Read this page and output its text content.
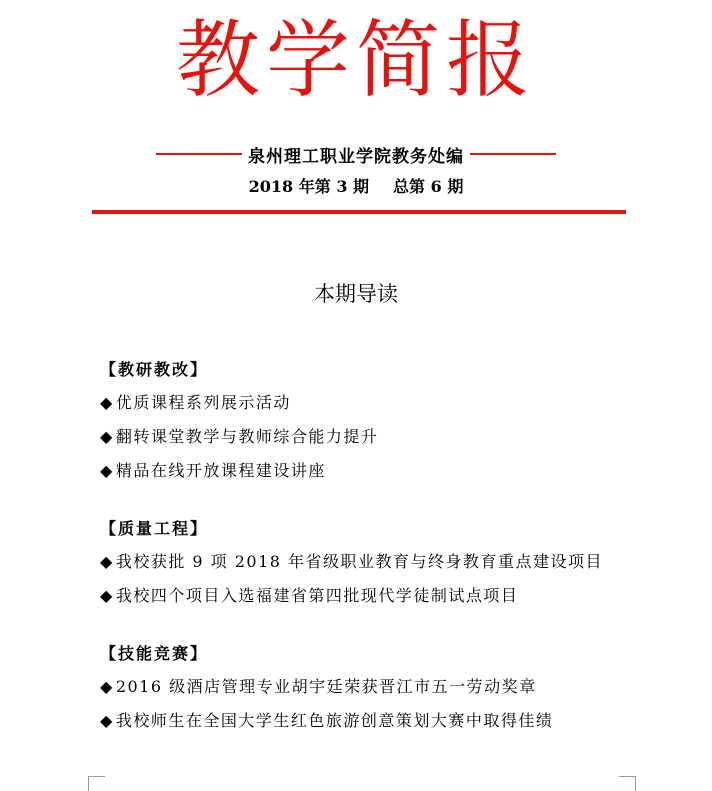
教学简报
泉州理工职业学院教务处编
2018 年第 3 期 总第 6 期
本期导读
【教研教改】
◆ 优质课程系列展示活动
◆ 翻转课堂教学与教师综合能力提升
◆ 精品在线开放课程建设讲座
【质量工程】
◆ 我校获批 9 项 2018 年省级职业教育与终身教育重点建设项目
◆ 我校四个项目入选福建省第四批现代学徒制试点项目
【技能竞赛】
◆ 2016 级酒店管理专业胡宇廷荣获晋江市五一劳动奖章
◆ 我校师生在全国大学生红色旅游创意策划大赛中取得佳绩
